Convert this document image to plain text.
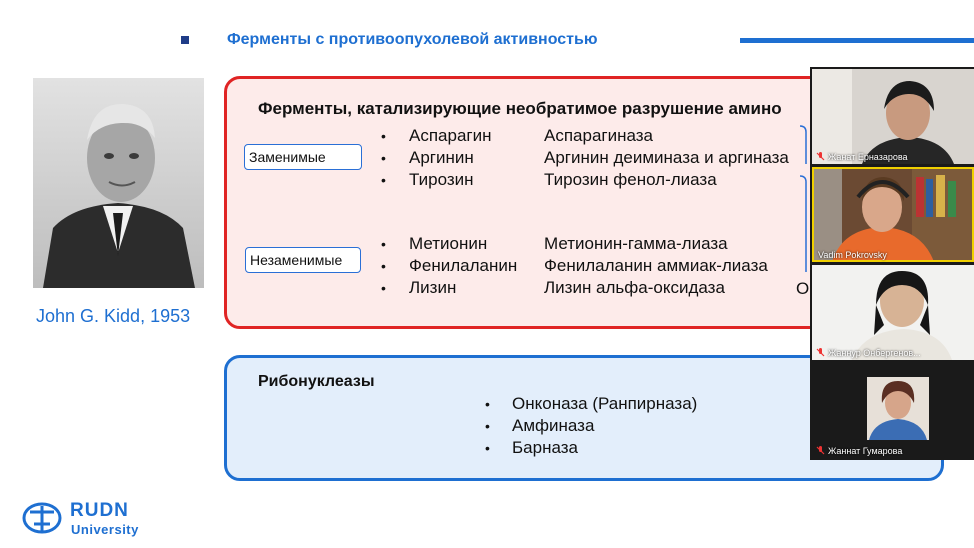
Ферменты с противоопухолевой активностью
John G. Kidd, 1953
Ферменты, катализирующие необратимое разрушение амино
Заменимые
Незаменимые
• Аспарагин	Аспарагиназа
• Аргинин	Аргинин деиминаза и аргиназа
• Тирозин	Тирозин фенол-лиаза
• Метионин	Метионин-гамма-лиаза
• Фенилаланин Фенилаланин аммиак-лиаза
• Лизин	Лизин альфа-оксидаза	О
Рибонуклеазы
• Онконаза (Ранпирназа)
• Амфиназа
• Барназа
RUDN
University
Жанат Ерназарова
Vadim Pokrovsky
Жаннур Онбергенов...
Жаннат Гумарова
